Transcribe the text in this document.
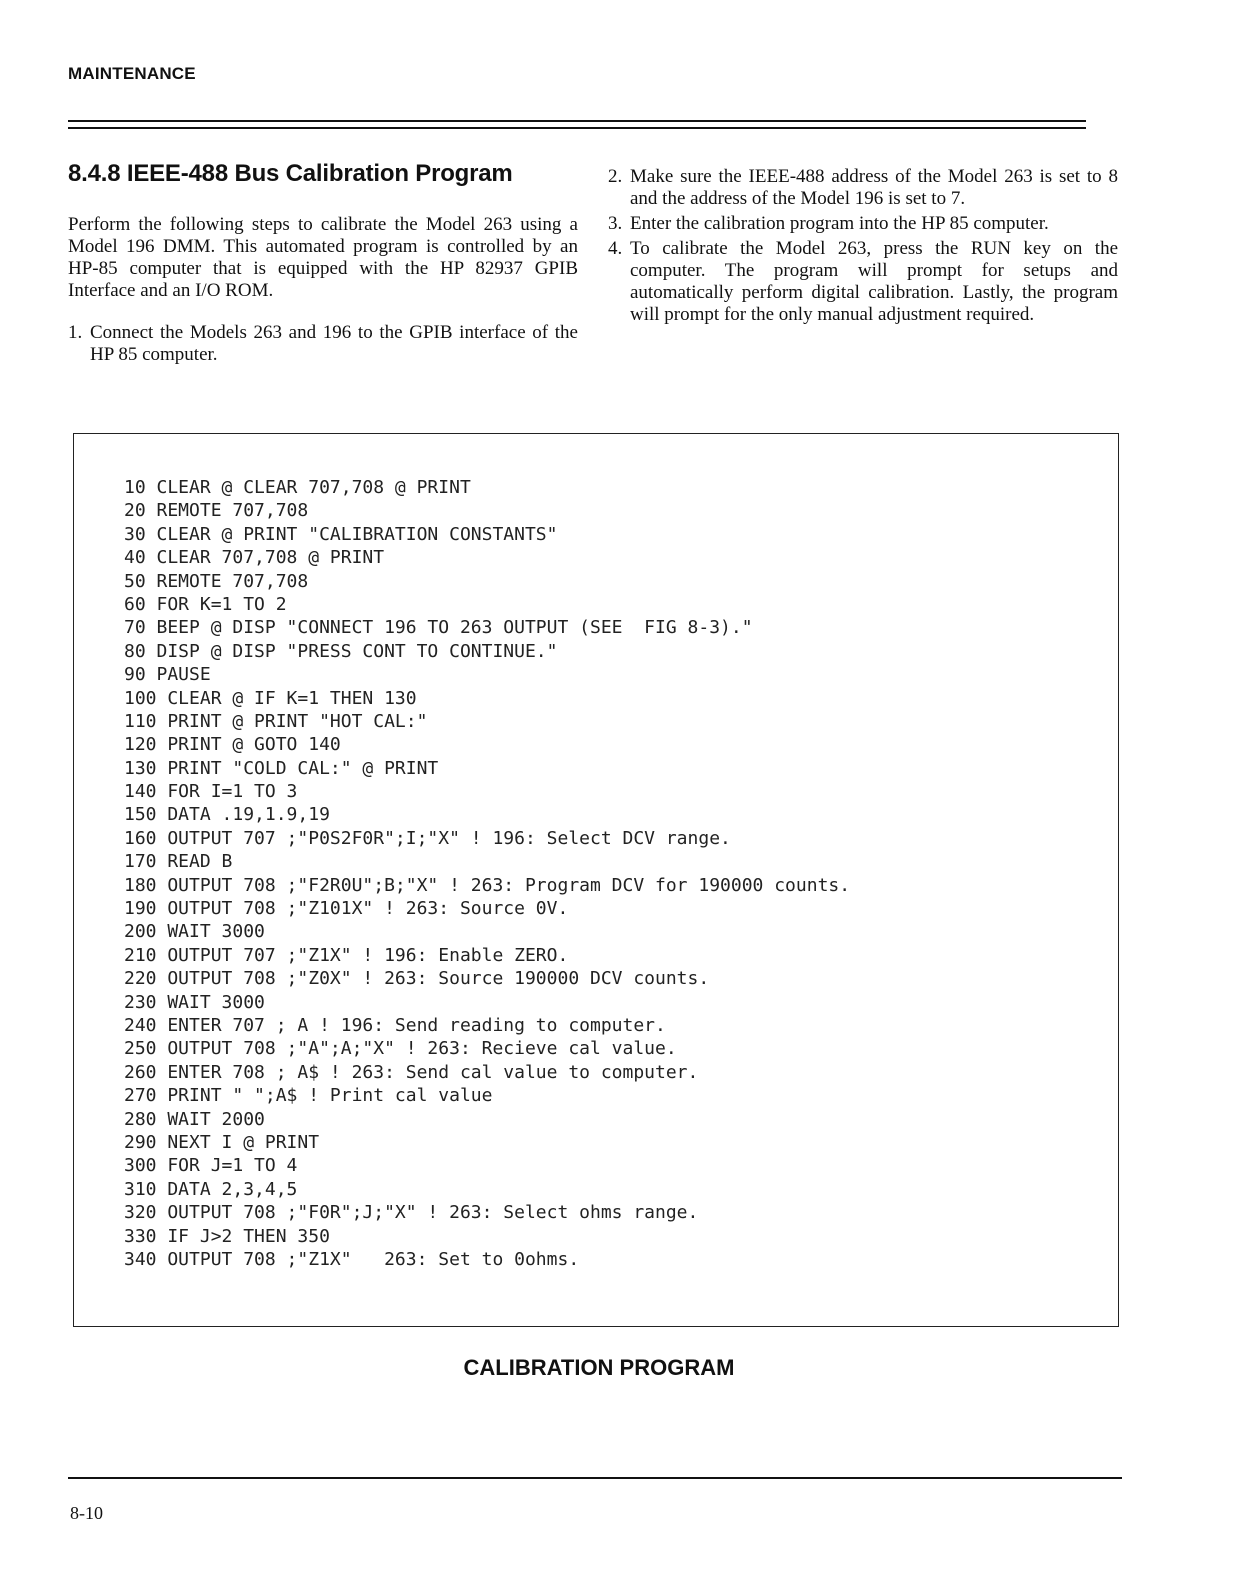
MAINTENANCE
8.4.8 IEEE-488 Bus Calibration Program

Perform the following steps to calibrate the Model 263 using a Model 196 DMM. This automated program is controlled by an HP-85 computer that is equipped with the HP 82937 GPIB Interface and an I/O ROM.

1. Connect the Models 263 and 196 to the GPIB interface of the HP 85 computer.
2. Make sure the IEEE-488 address of the Model 263 is set to 8 and the address of the Model 196 is set to 7.
3. Enter the calibration program into the HP 85 computer.
4. To calibrate the Model 263, press the RUN key on the computer. The program will prompt for setups and automatically perform digital calibration. Lastly, the program will prompt for the only manual adjustment required.
10 CLEAR @ CLEAR 707,708 @ PRINT
20 REMOTE 707,708
30 CLEAR @ PRINT "CALIBRATION CONSTANTS"
40 CLEAR 707,708 @ PRINT
50 REMOTE 707,708
60 FOR K=1 TO 2
70 BEEP @ DISP "CONNECT 196 TO 263 OUTPUT (SEE  FIG 8-3)."
80 DISP @ DISP "PRESS CONT TO CONTINUE."
90 PAUSE
100 CLEAR @ IF K=1 THEN 130
110 PRINT @ PRINT "HOT CAL:"
120 PRINT @ GOTO 140
130 PRINT "COLD CAL:" @ PRINT
140 FOR I=1 TO 3
150 DATA .19,1.9,19
160 OUTPUT 707 ;"P0S2F0R";I;"X" ! 196: Select DCV range.
170 READ B
180 OUTPUT 708 ;"F2R0U";B;"X" ! 263: Program DCV for 190000 counts.
190 OUTPUT 708 ;"Z101X" ! 263: Source 0V.
200 WAIT 3000
210 OUTPUT 707 ;"Z1X" ! 196: Enable ZERO.
220 OUTPUT 708 ;"Z0X" ! 263: Source 190000 DCV counts.
230 WAIT 3000
240 ENTER 707 ; A ! 196: Send reading to computer.
250 OUTPUT 708 ;"A";A;"X" ! 263: Recieve cal value.
260 ENTER 708 ; A$ ! 263: Send cal value to computer.
270 PRINT " ";A$ ! Print cal value
280 WAIT 2000
290 NEXT I @ PRINT
300 FOR J=1 TO 4
310 DATA 2,3,4,5
320 OUTPUT 708 ;"F0R";J;"X" ! 263: Select ohms range.
330 IF J>2 THEN 350
340 OUTPUT 708 ;"Z1X"   263: Set to 0ohms.
CALIBRATION PROGRAM
8-10
